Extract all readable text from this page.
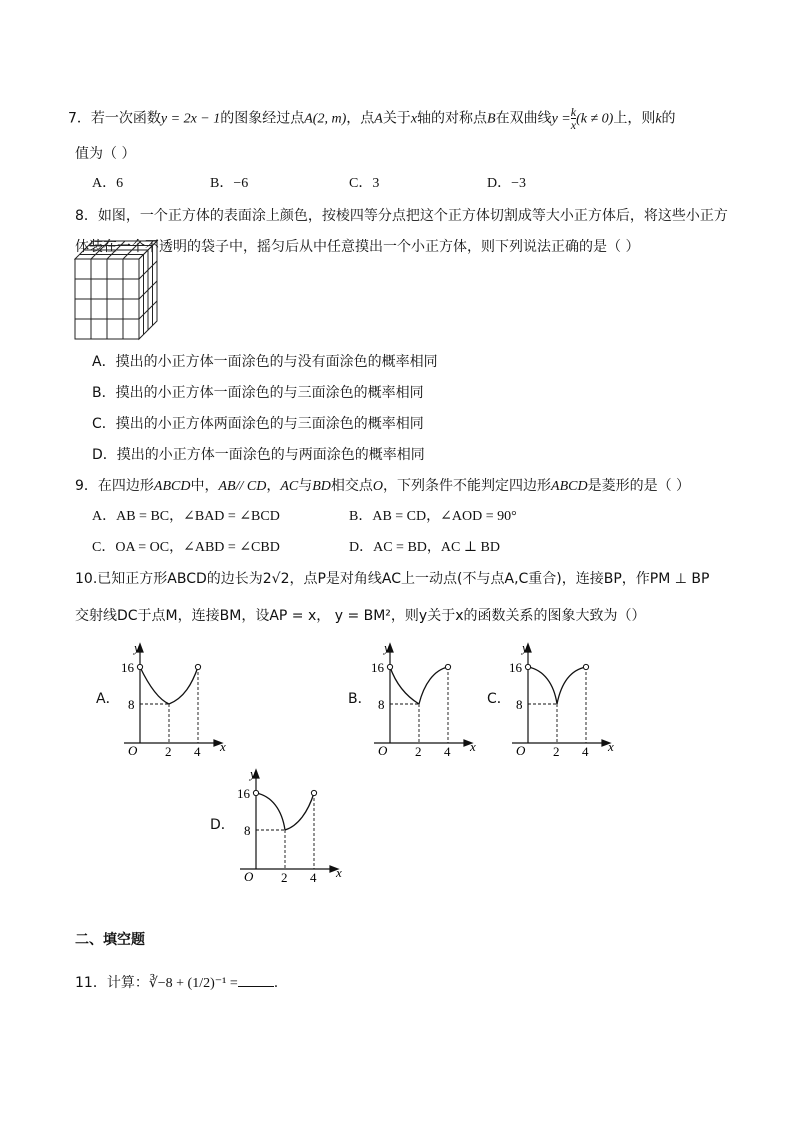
7．若一次函数y = 2x − 1的图象经过点A(2, m)，点A关于x轴的对称点B在双曲线$y = \frac{k}{x} (k \ne 0)$上，则k的
值为（ ）
A．6	B．−6	C．3	D．−3
8．如图，一个正方体的表面涂上颜色，按棱四等分点把这个正方体切割成等大小正方体后，将这些小正方
体装在一个不透明的袋子中，摇匀后从中任意摸出一个小正方体，则下列说法正确的是（ ）
A．摸出的小正方体一面涂色的与没有面涂色的概率相同
B．摸出的小正方体一面涂色的与三面涂色的概率相同
C．摸出的小正方体两面涂色的与三面涂色的概率相同
D．摸出的小正方体一面涂色的与两面涂色的概率相同
9．在四边形ABCD中，AB// CD，AC与BD相交点O，下列条件不能判定四边形ABCD是菱形的是（ ）
A．AB = BC，∠BAD = ∠BCD	B．AB = CD，∠AOD = 90°
C．OA = OC，∠ABD = ∠CBD	D．AC = BD，AC ⊥ BD
10.已知正方形ABCD的边长为2√2，点P是对角线AC上一动点(不与点A,C重合)，连接BP，作PM ⊥ BP
交射线DC于点M，连接BM，设AP = x， y = BM²，则y关于x的函数关系的图象大致为（）
A．
y
x
O
16
8
2 4
B．
y
x
O
16
8
2 4
C．
y
x
O
16
8
2 4
D．
y
x
O
16
8
2 4
二、填空题
11．计算：∛−8 + (1/2)⁻¹ =	.
